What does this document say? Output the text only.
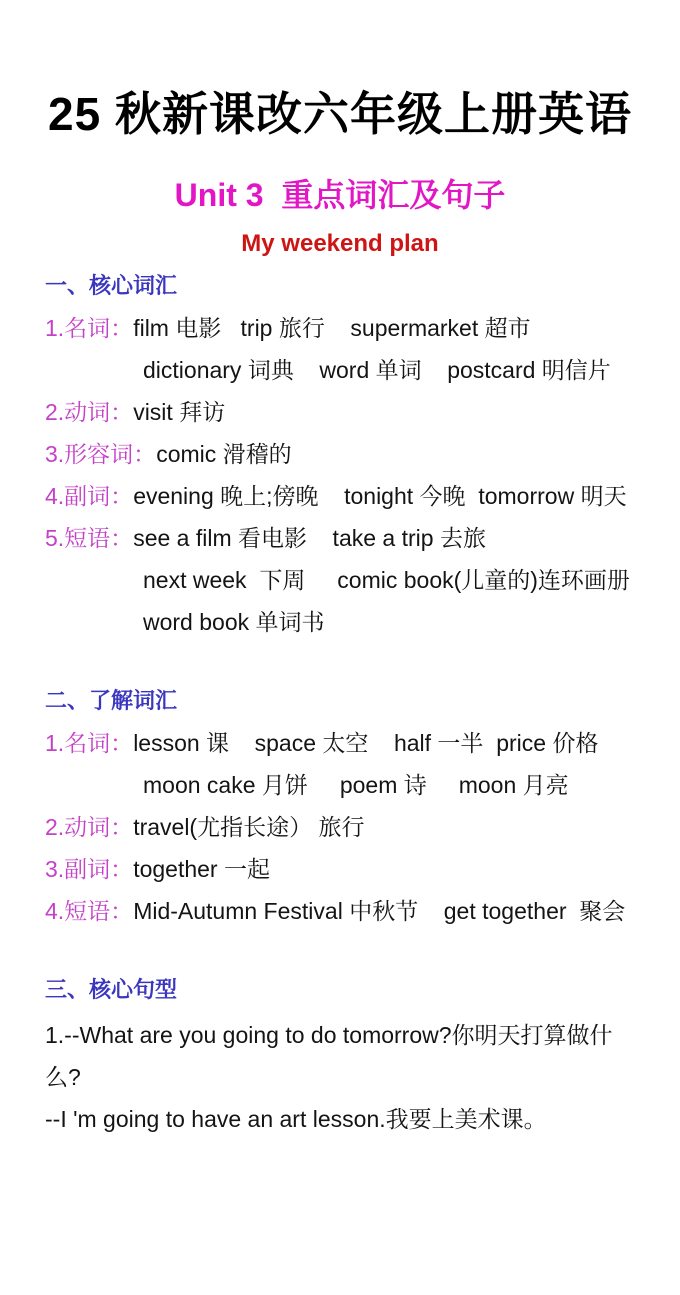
25 秋新课改六年级上册英语
Unit 3  重点词汇及句子
My weekend plan
一、核心词汇
1.名词：film 电影   trip 旅行    supermarket 超市
dictionary 词典    word 单词    postcard 明信片
2.动词：visit 拜访
3.形容词：comic 滑稽的
4.副词：evening 晚上;傍晚    tonight 今晚  tomorrow 明天
5.短语：see a film 看电影    take a trip 去旅
next week  下周     comic book(儿童的)连环画册
word book 单词书
二、了解词汇
1.名词：lesson 课    space 太空    half 一半  price 价格
moon cake 月饼     poem 诗     moon 月亮
2.动词：travel(尤指长途） 旅行
3.副词：together 一起
4.短语：Mid-Autumn Festival 中秋节    get together  聚会
三、核心句型
1.--What are you going to do tomorrow?你明天打算做什
么?
--I 'm going to have an art lesson.我要上美术课。
